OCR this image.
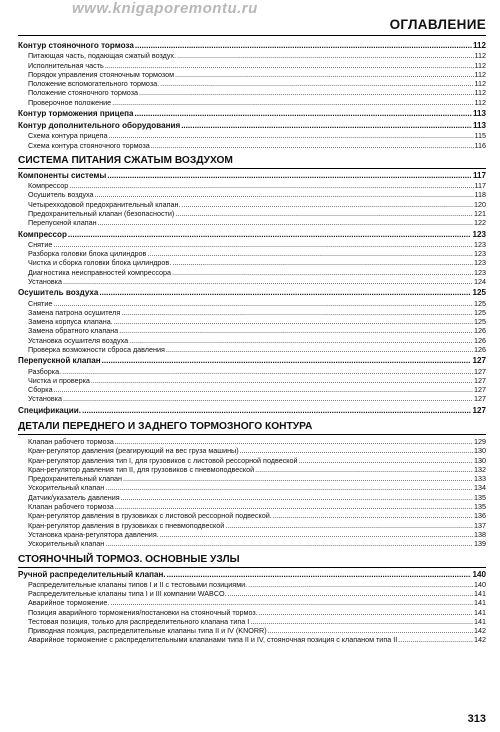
www.knigaporemontu.ru
ОГЛАВЛЕНИЕ
Контур стояночного тормоза .....	112
Питающая часть, подающая сжатый воздух. .....	112
Исполнительная часть .....	112
Порядок управления стояночным тормозом .....	112
Положение вспомогательного тормоза. .....	112
Положение стояночного тормоза .....	112
Проверочное положение .....	112
Контур торможения прицепа .....	113
Контур дополнительного оборудования .....	113
Схема контура прицепа .....	115
Схема контура стояночного тормоза .....	116
СИСТЕМА ПИТАНИЯ СЖАТЫМ ВОЗДУХОМ
Компоненты системы .....	117
Компрессор .....	117
Осушитель воздуха .....	118
Четырехходовой предохранительный клапан. .....	120
Предохранительный клапан (безопасности) .....	121
Перепускной клапан .....	122
Компрессор .....	123
Снятие .....	123
Разборка головки блока цилиндров .....	123
Чистка и сборка головки блока цилиндров. .....	123
Диагностика неисправностей компрессора .....	123
Установка .....	124
Осушитель воздуха .....	125
Снятие .....	125
Замена патрона осушителя .....	125
Замена корпуса клапана. .....	125
Замена обратного клапана .....	126
Установка осушителя воздуха .....	126
Проверка возможности сброса давления .....	126
Перепускной клапан .....	127
Разборка. .....	127
Чистка и проверка .....	127
Сборка .....	127
Установка .....	127
Спецификации. .....	127
ДЕТАЛИ ПЕРЕДНЕГО И ЗАДНЕГО ТОРМОЗНОГО КОНТУРА
Клапан рабочего тормоза .....	129
Кран-регулятор давления (реагирующий на вес груза машины) .....	130
Кран-регулятор давления тип I, для грузовиков с листовой рессорной подвеской .....	130
Кран-регулятор давления тип II, для грузовиков с пневмоподвеской .....	132
Предохранительный клапан .....	133
Ускорительный клапан .....	134
Датчик/указатель давления .....	135
Клапан рабочего тормоза .....	135
Кран-регулятор давления в грузовиках с листовой рессорной подвеской. .....	136
Кран-регулятор давления в грузовиках с пневмоподвеской .....	137
Установка крана-регулятора давления. .....	138
Ускорительный клапан .....	139
СТОЯНОЧНЫЙ ТОРМОЗ. ОСНОВНЫЕ УЗЛЫ
Ручной распределительный клапан. .....	140
Распределительные клапаны типов I и II с тестовыми позициями. .....	140
Распределительные клапаны типа I и III компании WABCO. .....	141
Аварийное торможение. .....	141
Позиция аварийного торможения/постановки на стояночный тормоз. .....	141
Тестовая позиция, только для распределительного клапана типа I .....	141
Приводная позиция, распределительные клапаны типа II и IV (KNORR) .....	142
Аварийное торможение с распределительными клапанами типа II и IV, стояночная позиция с клапаном типа II .....	142
313
